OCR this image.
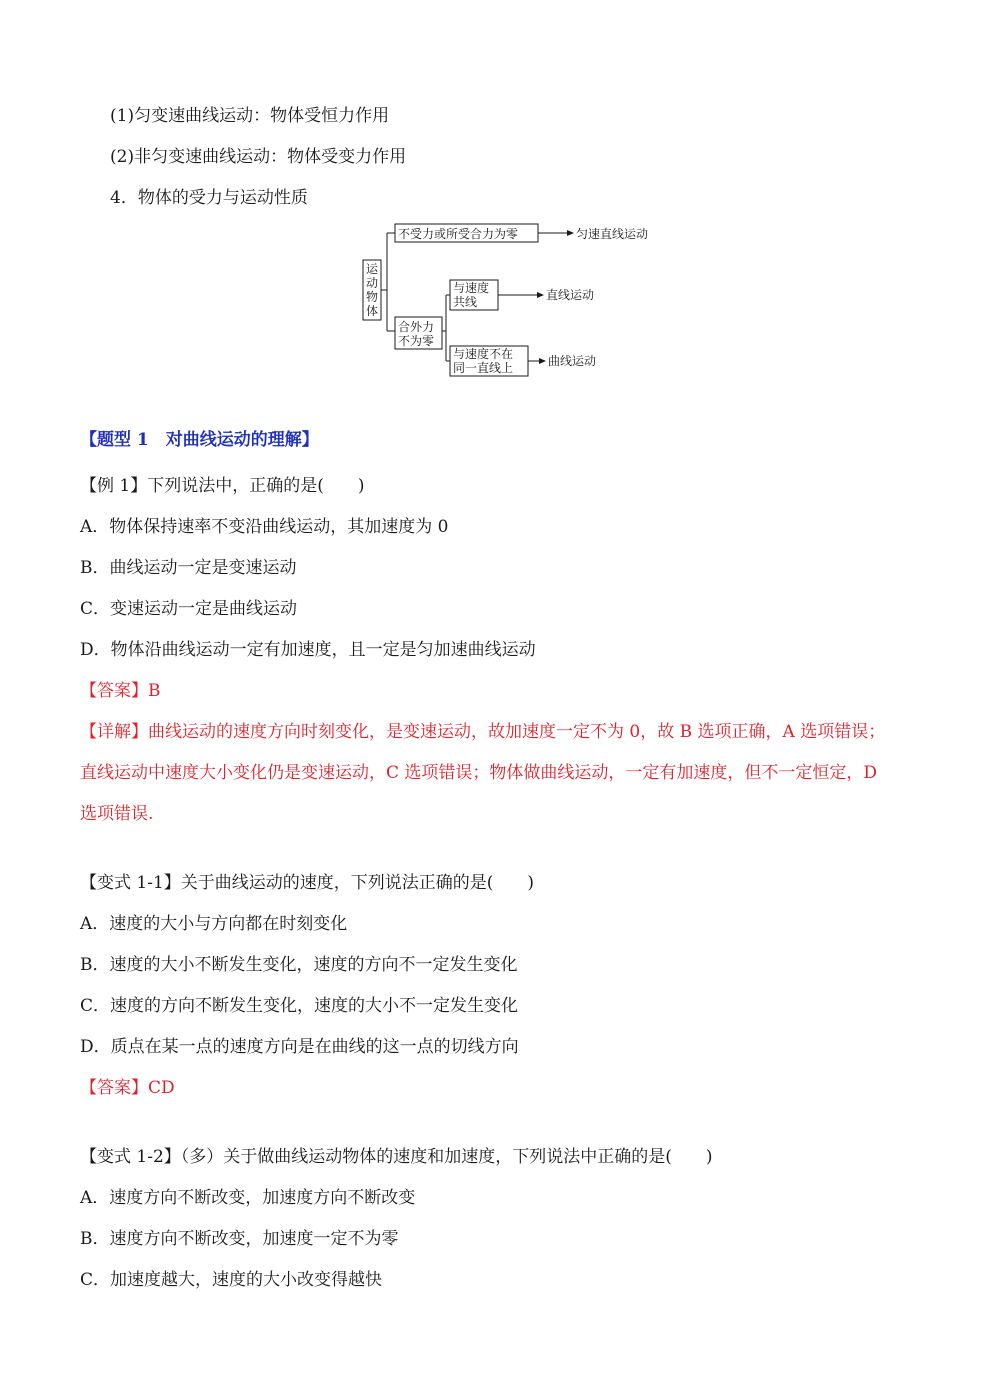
(1)匀变速曲线运动：物体受恒力作用
(2)非匀变速曲线运动：物体受变力作用
4．物体的受力与运动性质
运
动
物
体
不受力或所受合力为零	匀速直线运动
合外力
不为零
与速度
共线	直线运动
与速度不在
同一直线上	曲线运动
【题型 1　对曲线运动的理解】
【例 1】下列说法中，正确的是(　　)
A．物体保持速率不变沿曲线运动，其加速度为 0
B．曲线运动一定是变速运动
C．变速运动一定是曲线运动
D．物体沿曲线运动一定有加速度，且一定是匀加速曲线运动
【答案】B
【详解】曲线运动的速度方向时刻变化，是变速运动，故加速度一定不为 0，故 B 选项正确，A 选项错误；
直线运动中速度大小变化仍是变速运动，C 选项错误；物体做曲线运动，一定有加速度，但不一定恒定，D
选项错误.
【变式 1-1】关于曲线运动的速度，下列说法正确的是(　　)
A．速度的大小与方向都在时刻变化
B．速度的大小不断发生变化，速度的方向不一定发生变化
C．速度的方向不断发生变化，速度的大小不一定发生变化
D．质点在某一点的速度方向是在曲线的这一点的切线方向
【答案】CD
【变式 1-2】（多）关于做曲线运动物体的速度和加速度，下列说法中正确的是(　　)
A．速度方向不断改变，加速度方向不断改变
B．速度方向不断改变，加速度一定不为零
C．加速度越大，速度的大小改变得越快
